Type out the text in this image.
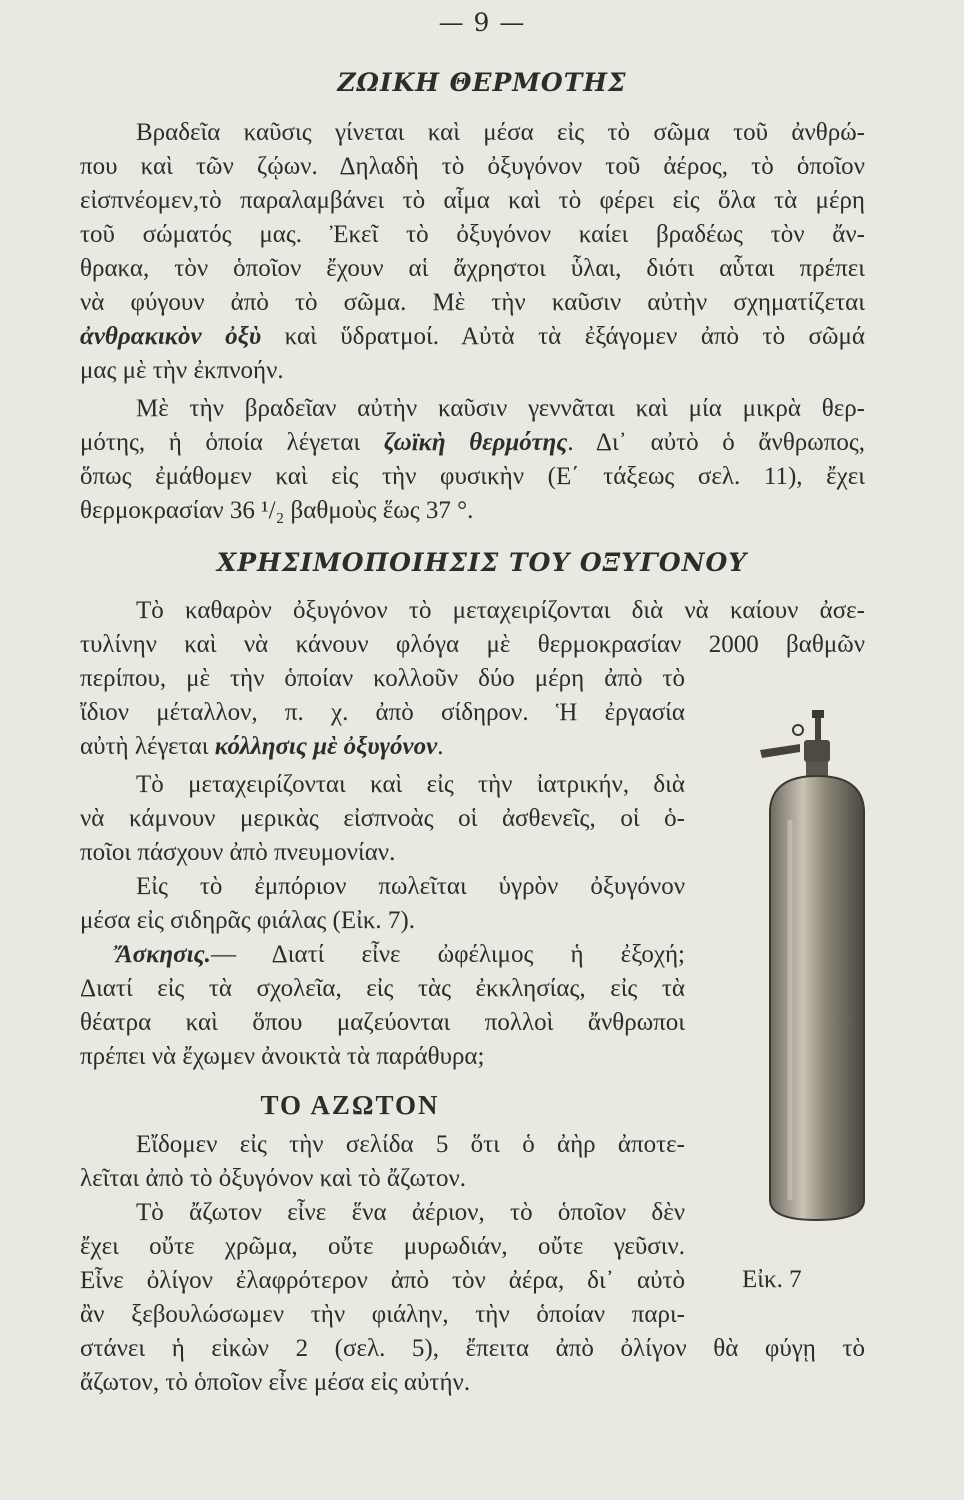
— 9 —
ΖΩΙΚΗ ΘΕΡΜΟΤΗΣ
Βραδεῖα καῦσις γίνεται καὶ μέσα εἰς τὸ σῶμα τοῦ ἀνθρώ-
που καὶ τῶν ζῴων. Δηλαδὴ τὸ ὀξυγόνον τοῦ ἀέρος, τὸ ὁποῖον
εἰσπνέομεν,τὸ παραλαμβάνει τὸ αἷμα καὶ τὸ φέρει εἰς ὅλα τὰ μέρη
τοῦ σώματός μας. Ἐκεῖ τὸ ὀξυγόνον καίει βραδέως τὸν ἄν-
θρακα, τὸν ὁποῖον ἔχουν αἱ ἄχρηστοι ὗλαι, διότι αὗται πρέπει
νὰ φύγουν ἀπὸ τὸ σῶμα. Μὲ τὴν καῦσιν αὐτὴν σχηματίζεται
ἀνθρακικὸν ὀξὺ καὶ ὕδρατμοί. Αὐτὰ τὰ ἐξάγομεν ἀπὸ τὸ σῶμά
μας μὲ τὴν ἐκπνοήν.
Μὲ τὴν βραδεῖαν αὐτὴν καῦσιν γεννᾶται καὶ μία μικρὰ θερ-
μότης, ἡ ὁποία λέγεται ζωϊκὴ θερμότης. Δι᾿ αὐτὸ ὁ ἄνθρωπος,
ὅπως ἐμάθομεν καὶ εἰς τὴν φυσικὴν (Ε΄ τάξεως σελ. 11), ἔχει
θερμοκρασίαν 36 ¹/₂ βαθμοὺς ἕως 37 °.
ΧΡΗΣΙΜΟΠΟΙΗΣΙΣ ΤΟΥ ΟΞΥΓΟΝΟΥ
Τὸ καθαρὸν ὀξυγόνον τὸ μεταχειρίζονται διὰ νὰ καίουν ἀσε-
τυλίνην καὶ νὰ κάνουν φλόγα μὲ θερμοκρασίαν 2000 βαθμῶν
περίπου, μὲ τὴν ὁποίαν κολλοῦν δύο μέρη ἀπὸ τὸ
ἴδιον μέταλλον, π. χ. ἀπὸ σίδηρον. Ἡ ἐργασία
αὐτὴ λέγεται κόλλησις μὲ ὀξυγόνον.
Τὸ μεταχειρίζονται καὶ εἰς τὴν ἰατρικήν, διὰ
νὰ κάμνουν μερικὰς εἰσπνοὰς οἱ ἀσθενεῖς, οἱ ὁ-
ποῖοι πάσχουν ἀπὸ πνευμονίαν.
Εἰς τὸ ἐμπόριον πωλεῖται ὑγρὸν ὀξυγόνον
μέσα εἰς σιδηρᾶς φιάλας (Εἰκ. 7).
Ἄσκησις.— Διατί εἶνε ὠφέλιμος ἡ ἐξοχή;
Διατί εἰς τὰ σχολεῖα, εἰς τὰς ἐκκλησίας, εἰς τὰ
θέατρα καὶ ὅπου μαζεύονται πολλοὶ ἄνθρωποι
πρέπει νὰ ἔχωμεν ἀνοικτὰ τὰ παράθυρα;
ΤΟ ΑΖΩΤΟΝ
Εἴδομεν εἰς τὴν σελίδα 5 ὅτι ὁ ἀὴρ ἀποτε-
λεῖται ἀπὸ τὸ ὀξυγόνον καὶ τὸ ἄζωτον.
Τὸ ἄζωτον εἶνε ἕνα ἀέριον, τὸ ὁποῖον δὲν
ἔχει οὔτε χρῶμα, οὔτε μυρωδιάν, οὔτε γεῦσιν.
Εἶνε ὀλίγον ἐλαφρότερον ἀπὸ τὸν ἀέρα, δι᾿ αὐτὸ
ἂν ξεβουλώσωμεν τὴν φιάλην, τὴν ὁποίαν παρι-
στάνει ἡ εἰκὼν 2 (σελ. 5), ἔπειτα ἀπὸ ὀλίγον θὰ φύγῃ τὸ
ἄζωτον, τὸ ὁποῖον εἶνε μέσα εἰς αὐτήν.
Εἰκ. 7
